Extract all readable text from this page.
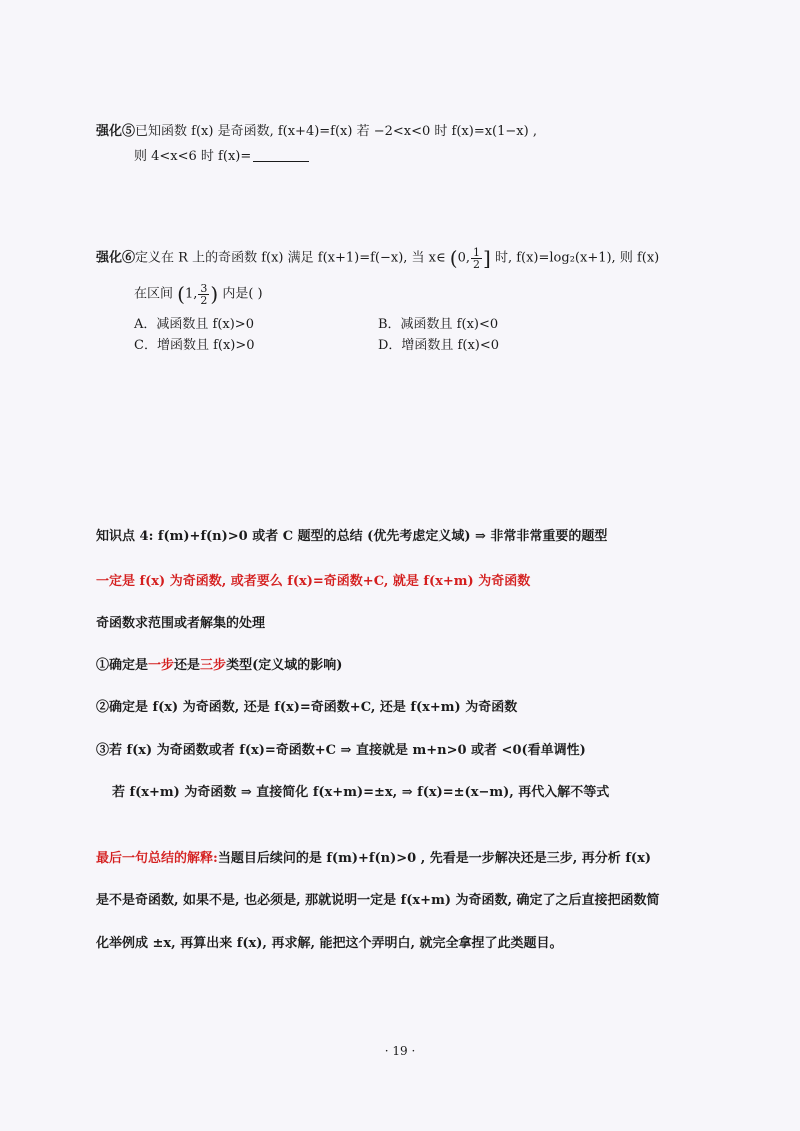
强化⑤已知函数 f(x) 是奇函数, f(x+4)=f(x) 若 −2<x<0 时 f(x)=x(1−x) ,
则 4<x<6 时 f(x)=
强化⑥定义在 R 上的奇函数 f(x) 满足 f(x+1)=f(−x), 当 x∈ (0, $\frac{1}{2}$ ] 时, f(x)=log₂(x+1), 则 f(x)
在区间 (1, $\frac{3}{2}$ ) 内是( )
A．减函数且 f(x)>0	B．减函数且 f(x)<0
C．增函数且 f(x)>0	D．增函数且 f(x)<0
知识点 4: f(m)+f(n)>0 或者 C 题型的总结 (优先考虑定义域) ⇒ 非常非常重要的题型
一定是 f(x) 为奇函数, 或者要么 f(x)=奇函数+C, 就是 f(x+m) 为奇函数
奇函数求范围或者解集的处理
①确定是一步还是三步类型(定义域的影响)
②确定是 f(x) 为奇函数, 还是 f(x)=奇函数+C, 还是 f(x+m) 为奇函数
③若 f(x) 为奇函数或者 f(x)=奇函数+C ⇒ 直接就是 m+n>0 或者 <0(看单调性)
若 f(x+m) 为奇函数 ⇒ 直接简化 f(x+m)=±x, ⇒ f(x)=±(x−m), 再代入解不等式
最后一句总结的解释:当题目后续问的是 f(m)+f(n)>0 , 先看是一步解决还是三步, 再分析 f(x)
是不是奇函数, 如果不是, 也必须是, 那就说明一定是 f(x+m) 为奇函数, 确定了之后直接把函数简
化举例成 ±x, 再算出来 f(x), 再求解, 能把这个弄明白, 就完全拿捏了此类题目。
· 19 ·
